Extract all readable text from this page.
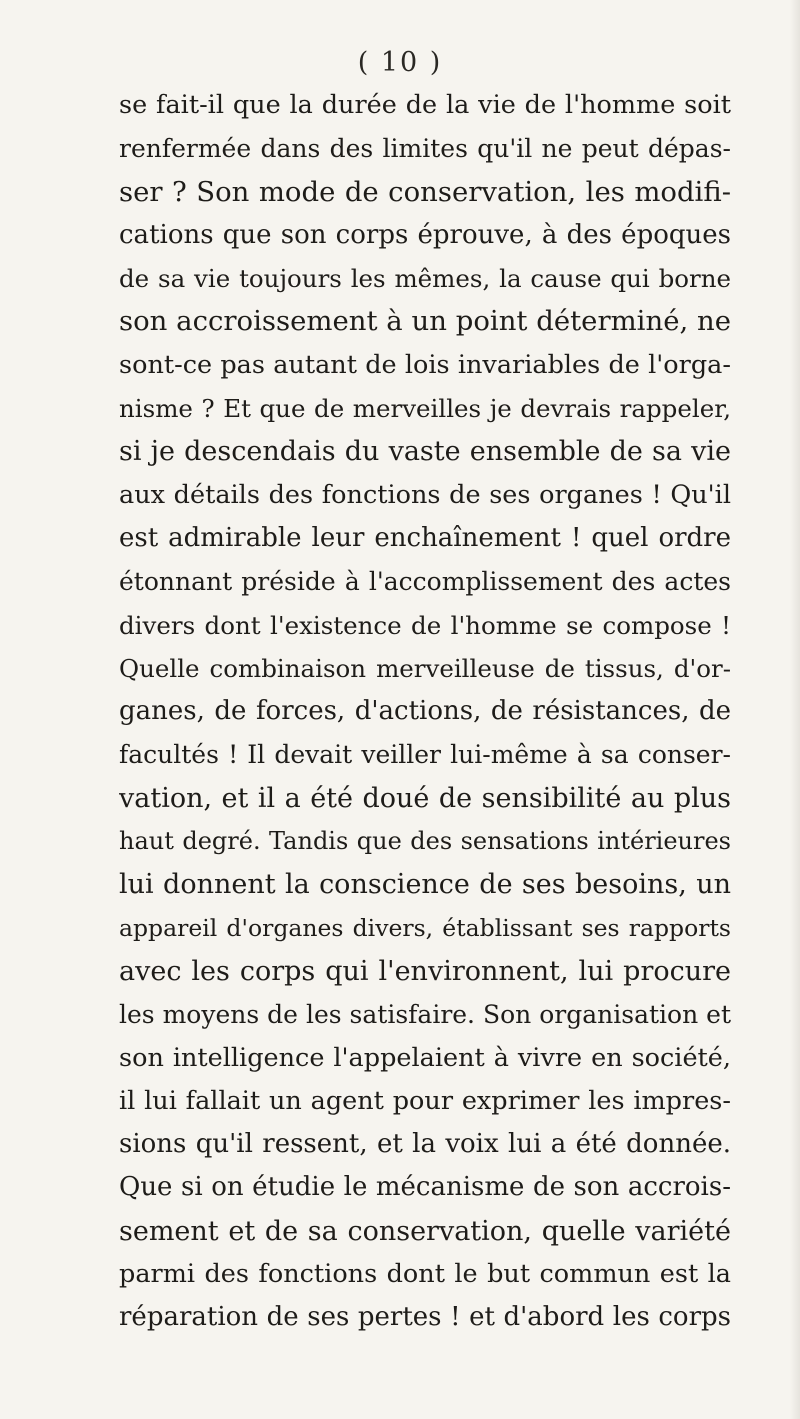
( 10 )
se fait-il que la durée de la vie de l'homme soit
renfermée dans des limites qu'il ne peut dépas-
ser ? Son mode de conservation, les modifi-
cations que son corps éprouve, à des époques
de sa vie toujours les mêmes, la cause qui borne
son accroissement à un point déterminé, ne
sont-ce pas autant de lois invariables de l'orga-
nisme ? Et que de merveilles je devrais rappeler,
si je descendais du vaste ensemble de sa vie
aux détails des fonctions de ses organes ! Qu'il
est admirable leur enchaînement ! quel ordre
étonnant préside à l'accomplissement des actes
divers dont l'existence de l'homme se compose !
Quelle combinaison merveilleuse de tissus, d'or-
ganes, de forces, d'actions, de résistances, de
facultés ! Il devait veiller lui-même à sa conser-
vation, et il a été doué de sensibilité au plus
haut degré. Tandis que des sensations intérieures
lui donnent la conscience de ses besoins, un
appareil d'organes divers, établissant ses rapports
avec les corps qui l'environnent, lui procure
les moyens de les satisfaire. Son organisation et
son intelligence l'appelaient à vivre en société,
il lui fallait un agent pour exprimer les impres-
sions qu'il ressent, et la voix lui a été donnée.
Que si on étudie le mécanisme de son accrois-
sement et de sa conservation, quelle variété
parmi des fonctions dont le but commun est la
réparation de ses pertes ! et d'abord les corps
